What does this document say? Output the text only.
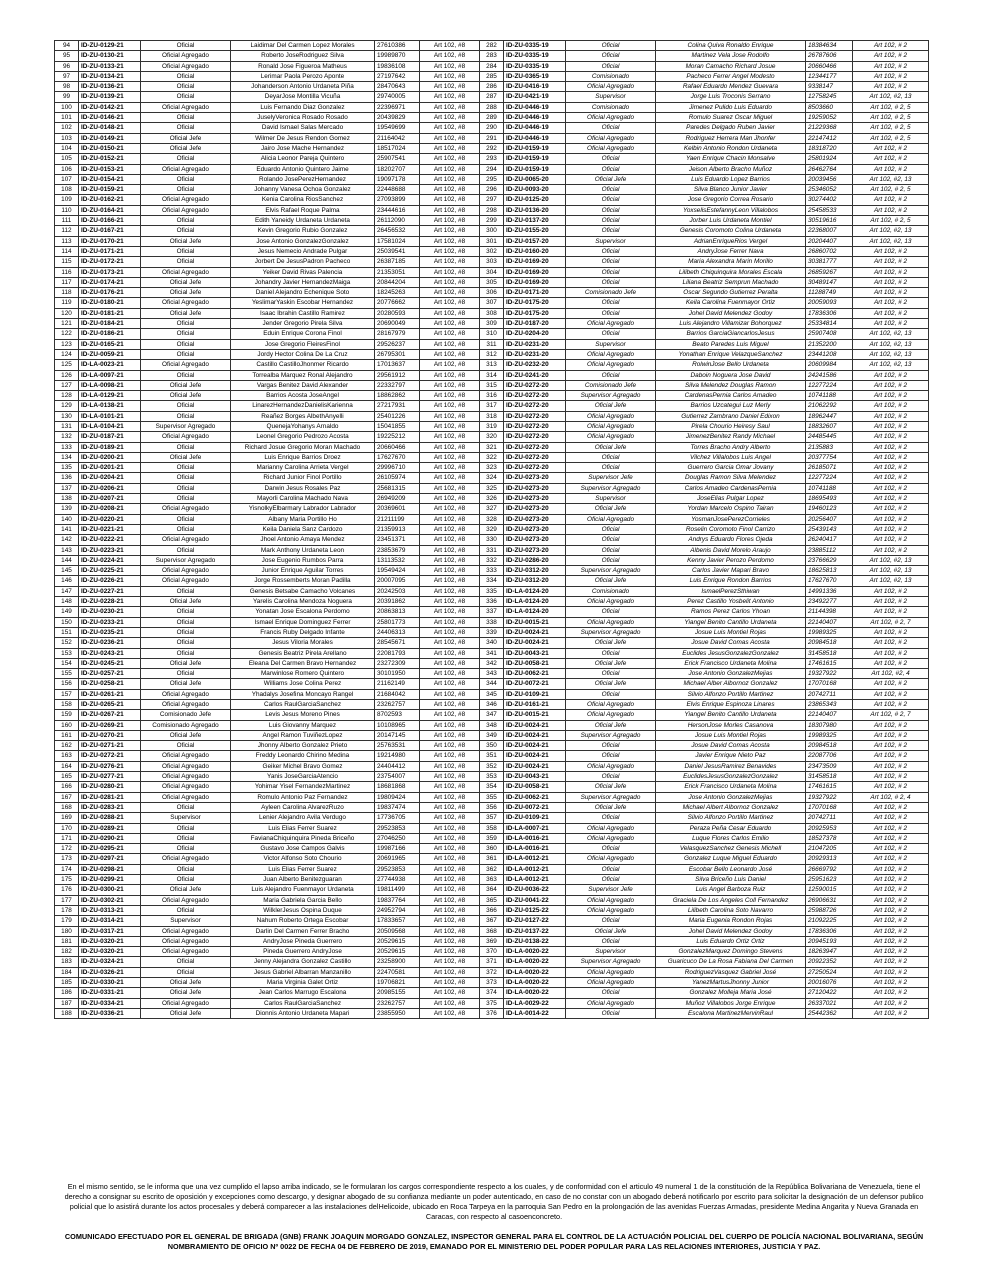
94	ID-ZU-0129-21	Oficial	Laidimar Del Carmen Lopez Morales	27610386	Art 102, #8	282	ID-ZU-0335-19	Oficial	Colina Quiva Ronaldo Enrique	18384634	Art 102, # 2
95	ID-ZU-0130-21	Oficial Agregado	Roberto JoseRodriguez Silva	19989870	Art 102, #8	283	ID-ZU-0335-19	Oficial	Martinez Vela Jose Rodolfo	26787606	Art 102, # 2
96	ID-ZU-0133-21	Oficial Agregado	Ronald Jose Figueroa Matheus	19836108	Art 102, #8	284	ID-ZU-0335-19	Oficial	Moran Camacho Richard Josue	20660466	Art 102, # 2
97	ID-ZU-0134-21	Oficial	Lerimar Paola Perozo Aponte	27197642	Art 102, #8	285	ID-ZU-0365-19	Comisionado	Pacheco Ferrer Angel Modesto	12344177	Art 102, # 2
98	ID-ZU-0136-21	Oficial	Johanderson Antonio Urdaneta Piña	28470643	Art 102, #8	286	ID-ZU-0416-19	Oficial Agregado	Rafael Eduardo Mendez Guevara	9338147	Art 102, # 2
99	ID-ZU-0139-21	Oficial	DeyarJose Montilla Vicuña	29740005	Art 102, #8	287	ID-ZU-0421-19	Supervisor	Jorge Luis Troconis Serrano	12758245	Art 102, #2, 13
100	ID-ZU-0142-21	Oficial Agregado	Luis Fernando Diaz Gonzalez	22396971	Art 102, #8	288	ID-ZU-0446-19	Comisionado	Jimenez Pulido Luis Eduardo	8503660	Art 102, # 2, 5
101	ID-ZU-0146-21	Oficial	JuselyVeronica Rosado Rosado	20439829	Art 102, #8	289	ID-ZU-0446-19	Oficial Agregado	Romulo Suarez Oscar Miguel	19259052	Art 102, # 2, 5
102	ID-ZU-0148-21	Oficial	David Ismael Salas Mercado	19549699	Art 102, #8	290	ID-ZU-0446-19	Oficial	Paredes Delgado Ruben Javier	21229368	Art 102, # 2, 5
103	ID-ZU-0149-21	Oficial Jefe	Wilmer De Jesus Rendon Gomez	21164042	Art 102, #8	291	ID-ZU-0446-19	Oficial Agregado	Rodriguez Herrera Man Jhonfer	22147412	Art 102, # 2, 5
104	ID-ZU-0150-21	Oficial Jefe	Jairo Jose Mache Hernandez	18517024	Art 102, #8	292	ID-ZU-0159-19	Oficial Agregado	Kelbin Antonio Rondon Urdaneta	18318720	Art 102, # 2
105	ID-ZU-0152-21	Oficial	Alicia Leonor Pareja Quintero	25907541	Art 102, #8	293	ID-ZU-0159-19	Oficial	Yaen Enrique Chacin Monsalve	25801924	Art 102, # 2
106	ID-ZU-0153-21	Oficial Agregado	Eduardo Antonio Quintero Jaime	18202707	Art 102, #8	294	ID-ZU-0159-19	Oficial	Jeison Alberto Bracho Muñoz	26462764	Art 102, # 2
107	ID-ZU-0154-21	Oficial	Rolando JosePerezHernandez	19097178	Art 102, #8	295	ID-ZU-0065-20	Oficial Jefe	Luis Eduardo Lopez Barrios	20039456	Art 102, #2, 13
108	ID-ZU-0159-21	Oficial	Johanny Vanesa Ochoa Gonzalez	22448688	Art 102, #8	296	ID-ZU-0093-20	Oficial	Silva Blanco Junior Javier	25346052	Art 102, # 2, 5
109	ID-ZU-0162-21	Oficial Agregado	Kenia Carolina RiosSanchez	27093899	Art 102, #8	297	ID-ZU-0125-20	Oficial	Jose Gregorio Correa Rosario	30274402	Art 102, # 2
110	ID-ZU-0164-21	Oficial Agregado	Elvis Rafael Roque Palma	23444616	Art 102, #8	298	ID-ZU-0136-20	Oficial	YoxselisEstefannyLeon Villalobos	25458533	Art 102, # 2
111	ID-ZU-0166-21	Oficial	Edith Yaneidy Urdaneta Urdaneta	26112090	Art 102, #8	299	ID-ZU-0137-20	Oficial	Jorber Luis Urdaneta Montiel	30519616	Art 102, # 2, 5
112	ID-ZU-0167-21	Oficial	Kevin Gregorio Rubio Gonzalez	26456532	Art 102, #8	300	ID-ZU-0155-20	Oficial	Genesis Coromoto Colina Urdaneta	22368007	Art 102, #2, 13
113	ID-ZU-0170-21	Oficial Jefe	Jose Antonio GonzalezGonzalez	17581024	Art 102, #8	301	ID-ZU-0157-20	Supervisor	AdrianEnriqueRios Vergel	20204407	Art 102, #2, 13
114	ID-ZU-0171-21	Oficial	Jesus Nemecio Andrade Pulgar	25039541	Art 102, #8	302	ID-ZU-0160-20	Oficial	AndryJose Ferrer Nava	26860702	Art 102, # 2
115	ID-ZU-0172-21	Oficial	Jorbert De JesusPadron Pacheco	26387185	Art 102, #8	303	ID-ZU-0169-20	Oficial	Maria Alexandra Marin Morillo	30381777	Art 102, # 2
116	ID-ZU-0173-21	Oficial Agregado	Yeiker David Rivas Palencia	21353051	Art 102, #8	304	ID-ZU-0169-20	Oficial	Lilibeth Chiquinquira Morales Escala	26859267	Art 102, # 2
117	ID-ZU-0174-21	Oficial Jefe	Johandry Javier HernandezMaiga	20844204	Art 102, #8	305	ID-ZU-0169-20	Oficial	Liliana Beatriz Semprun Machado	30489147	Art 102, # 2
118	ID-ZU-0176-21	Oficial Jefe	Daniel Alejandro Echenique Soto	18245263	Art 102, #8	306	ID-ZU-0171-20	Comisionado Jefe	Oscar Segundo Gutierrez Peralta	11288749	Art 102, # 2
119	ID-ZU-0180-21	Oficial Agregado	YeslimarYaskin Escobar Hernandez	20776662	Art 102, #8	307	ID-ZU-0175-20	Oficial	Keila Carolina Fuenmayor Ortiz	20059093	Art 102, # 2
120	ID-ZU-0181-21	Oficial Jefe	Isaac Ibrahin Castillo Ramirez	20280593	Art 102, #8	308	ID-ZU-0175-20	Oficial	Johel David Melendez Godoy	17836306	Art 102, # 2
121	ID-ZU-0184-21	Oficial	Jender Gregorio Pirela Silva	20690049	Art 102, #8	309	ID-ZU-0187-20	Oficial Agregado	Luis Alejandro Villamizar Bohorquez	25334814	Art 102, # 2
122	ID-ZU-0186-21	Oficial	Eduin Enrique Corona Finol	28167979	Art 102, #8	310	ID-ZU-0204-20	Oficial	Barrios GarciaGiancarlosJesus	25907408	Art 102, #2, 13
123	ID-ZU-0165-21	Oficial	Jose Gregorio FleiresFinol	29526237	Art 102, #8	311	ID-ZU-0231-20	Supervisor	Beato Paredes Luis Miguel	21352200	Art 102, #2, 13
124	ID-ZU-0059-21	Oficial	Jordy Hector Colina De La Cruz	26795301	Art 102, #8	312	ID-ZU-0231-20	Oficial Agregado	Yonathan Enrique VelazqueSanchez	23441208	Art 102, #2, 13
125	ID-LA-0023-21	Oficial Agregado	Castillo CastilloJhonmer Ricardo	17013637	Art 102, #8	313	ID-ZU-0232-20	Oficial Agregado	RolwinJose Bello Urdaneta	20609984	Art 102, #2, 13
126	ID-LA-0097-21	Oficial	Torrealba Marquez Ronal Alejandro	29561912	Art 102, #8	314	ID-ZU-0241-20	Oficial	Daboin Noguera Jose David	24241586	Art 102, # 2
127	ID-LA-0098-21	Oficial Jefe	Vargas Benitez David Alexander	22332797	Art 102, #8	315	ID-ZU-0272-20	Comisionado Jefe	Silva Melendez Douglas Ramon	12277224	Art 102, # 2
128	ID-LA-0129-21	Oficial Jefe	Barrios Acosta JoseAngel	18862862	Art 102, #8	316	ID-ZU-0272-20	Supervisor Agregado	CardenasPernia Carlos Amadeo	10741188	Art 102, # 2
129	ID-LA-0138-21	Oficial	LinarezHernandezDanielisKarienna	27217931	Art 102, #8	317	ID-ZU-0272-20	Oficial Jefe	Barrios Uzcategui Luz Merly	21062292	Art 102, # 2
130	ID-LA-0101-21	Oficial	Reañez Borges AlbethAnyelli	25401226	Art 102, #8	318	ID-ZU-0272-20	Oficial Agregado	Gutierrez Zambrano Daniel Edixon	18962447	Art 102, # 2
131	ID-LA-0104-21	Supervisor Agregado	QuenejaYohanys Arnaldo	15041855	Art 102, #8	319	ID-ZU-0272-20	Oficial Agregado	Pirela Chourio Heiresy Saul	18832607	Art 102, # 2
132	ID-ZU-0187-21	Oficial Agregado	Leonel Gregorio Pedrozo Acosta	19225212	Art 102, #8	320	ID-ZU-0272-20	Oficial Agregado	JimenezBenitez Randy Michael	24485445	Art 102, # 2
133	ID-ZU-0189-21	Oficial	Richard Josue Gregorio Moran Machado	20660466	Art 102, #8	321	ID-ZU-0272-20	Oficial Jefe	Torres Bracho Andry Alberto	2135883	Art 102, # 2
134	ID-ZU-0200-21	Oficial Jefe	Luis Enrique Barrios Droez	17627670	Art 102, #8	322	ID-ZU-0272-20	Oficial	Vilchez Villalobos Luis Angel	20377754	Art 102, # 2
135	ID-ZU-0201-21	Oficial	Marianny Carolina Arrieta Vergel	29996710	Art 102, #8	323	ID-ZU-0272-20	Oficial	Guerrero Garcia Omar Jovany	26185071	Art 102, # 2
136	ID-ZU-0204-21	Oficial	Richard Junior Finol Portillo	26105974	Art 102, #8	324	ID-ZU-0273-20	Supervisor Jefe	Douglas Ramon Silva Melendez	12277224	Art 102, # 2
137	ID-ZU-0206-21	Oficial	Darwin Jesus Rosales Paz	25681315	Art 102, #8	325	ID-ZU-0273-20	Supervisor Agregado	Carlos Amadeo CardenasPernia	10741188	Art 102, # 2
138	ID-ZU-0207-21	Oficial	Mayorli Carolina Machado Nava	26949209	Art 102, #8	326	ID-ZU-0273-20	Supervisor	JoseElias Pulgar Lopez	18695493	Art 102, # 2
139	ID-ZU-0208-21	Oficial Agregado	YisnolkyElbarmary Labrador Labrador	20369601	Art 102, #8	327	ID-ZU-0273-20	Oficial Jefe	Yordan Marcelo Ospino Tairan	19460123	Art 102, # 2
140	ID-ZU-0220-21	Oficial	Albany Maria Portillo Ho	21211199	Art 102, #8	328	ID-ZU-0273-20	Oficial Agregado	YosmanJosePerezCorrieles	20256407	Art 102, # 2
141	ID-ZU-0221-21	Oficial	Keila Daniela Sanz Cardozo	21359913	Art 102, #8	329	ID-ZU-0273-20	Oficial	Roselin Coromoto Finol Carrizo	25439143	Art 102, # 2
142	ID-ZU-0222-21	Oficial Agregado	Jhoel Antonio Amaya Mendez	23451371	Art 102, #8	330	ID-ZU-0273-20	Oficial	Andrys Eduardo Flores Ojeda	26240417	Art 102, # 2
143	ID-ZU-0223-21	Oficial	Mark Anthony Urdaneta Leon	23853679	Art 102, #8	331	ID-ZU-0273-20	Oficial	Albenis David Morelo Araujo	23885112	Art 102, # 2
144	ID-ZU-0224-21	Supervisor Agregado	Jose Eugenio Rumbos Parra	13113532	Art 102, #8	332	ID-ZU-0286-20	Oficial	Kenny Javier Perozo Perdomo	23766629	Art 102, #2, 13
145	ID-ZU-0225-21	Oficial Agregado	Junior Enrique Aguilar Torres	19549424	Art 102, #8	333	ID-ZU-0312-20	Supervisor Agregado	Carlos Javier Mapari Bravo	18625813	Art 102, #2, 13
146	ID-ZU-0226-21	Oficial Agregado	Jorge Rossemberts Moran Padilla	20007095	Art 102, #8	334	ID-ZU-0312-20	Oficial Jefe	Luis Enrique Rondon Barrios	17627670	Art 102, #2, 13
147	ID-ZU-0227-21	Oficial	Genesis Betsabe Camacho Volcanes	20242503	Art 102, #8	335	ID-LA-0124-20	Comisionado	IsmaelPerezSthiwan	14991336	Art 102, # 2
148	ID-ZU-0228-21	Oficial Jefe	Yarelis Carolina Mendoza Noguera	20391862	Art 102, #8	336	ID-LA-0124-20	Oficial Agregado	Perez Castillo Yosbelit Antonio	23492277	Art 102, # 2
149	ID-ZU-0230-21	Oficial	Yonatan Jose Escalona Perdomo	20863813	Art 102, #8	337	ID-LA-0124-20	Oficial	Ramos Perez Carlos Yhoan	21144398	Art 102, # 2
150	ID-ZU-0233-21	Oficial	Ismael Enrique Dominguez Ferrer	25801773	Art 102, #8	338	ID-ZU-0015-21	Oficial Agregado	Yiangel Benito Cantillo Urdaneta	22140407	Art 102, # 2, 7
151	ID-ZU-0235-21	Oficial	Francis Ruby Delgado Infante	24406313	Art 102, #8	339	ID-ZU-0024-21	Supervisor Agregado	Josue Luis Montiel Rojas	19989325	Art 102, # 2
152	ID-ZU-0236-21	Oficial	Jesus Viloria Morales	28545671	Art 102, #8	340	ID-ZU-0024-21	Oficial Jefe	Josue David Comas Acosta	20984518	Art 102, # 2
153	ID-ZU-0243-21	Oficial	Genesis Beatriz Pirela Arellano	22081793	Art 102, #8	341	ID-ZU-0043-21	Oficial	Euclides JesusGonzalezGonzalez	31458518	Art 102, # 2
154	ID-ZU-0245-21	Oficial Jefe	Eleana Del Carmen Bravo Hernandez	23272309	Art 102, #8	342	ID-ZU-0058-21	Oficial Jefe	Erick Francisco Urdaneta Molina	17461615	Art 102, # 2
155	ID-ZU-0257-21	Oficial	Marwinlose Romero Quintero	30101950	Art 102, #8	343	ID-ZU-0062-21	Oficial	Jose Antonio GonzalezMejias	19327922	Art 102, #2, 4
156	ID-ZU-0258-21	Oficial Jefe	Williams Jose Colina Perez	21162149	Art 102, #8	344	ID-ZU-0072-21	Oficial Jefe	Michael Alber Albornoz Gonzalez	17070168	Art 102, # 2
157	ID-ZU-0261-21	Oficial Agregado	Yhadalys Josefina Moncayo Rangel	21684042	Art 102, #8	345	ID-ZU-0109-21	Oficial	Silvio Alfonzo Portillo Martinez	20742711	Art 102, # 2
158	ID-ZU-0265-21	Oficial Agregado	Carlos RaulGarciaSanchez	23262757	Art 102, #8	346	ID-ZU-0161-21	Oficial Agregado	Elvis Enrique Espinoza Linares	23865343	Art 102, # 2
159	ID-ZU-0267-21	Comisionado Jefe	Levis Jesus Moreno Pines	8702593	Art 102, #8	347	ID-ZU-0015-21	Oficial Agregado	Yiangel Benito Cantillo Urdaneta	22140407	Art 102, # 2, 7
160	ID-ZU-0269-21	Comisionado Agregado	Luis Giovanny Marquez	10108965	Art 102, #8	348	ID-ZU-0024-21	Oficial Jefe	HersonJose Morles Casanova	18307980	Art 102, # 2
161	ID-ZU-0270-21	Oficial Jefe	Angel Ramon TuviñezLopez	20147145	Art 102, #8	349	ID-ZU-0024-21	Supervisor Agregado	Josue Luis Montiel Rojas	19989325	Art 102, # 2
162	ID-ZU-0271-21	Oficial	Jhonny Alberto Gonzalez Prieto	25763531	Art 102, #8	350	ID-ZU-0024-21	Oficial	Josue David Comas Acosta	20984518	Art 102, # 2
163	ID-ZU-0272-21	Oficial Agregado	Freddy Leonardo Chirino Medina	19214980	Art 102, #8	351	ID-ZU-0024-21	Oficial	Javier Enrique Nieto Paz	22087706	Art 102, # 2
164	ID-ZU-0276-21	Oficial Agregado	Geiker Michel Bravo Gomez	24404412	Art 102, #8	352	ID-ZU-0024-21	Oficial Agregado	Daniel JesusRamirez Benavides	23473509	Art 102, # 2
165	ID-ZU-0277-21	Oficial Agregado	Yanis JoseGarciaAtencio	23754007	Art 102, #8	353	ID-ZU-0043-21	Oficial	EuclidesJesusGonzalezGonzalez	31458518	Art 102, # 2
166	ID-ZU-0280-21	Oficial Agregado	Yohimar Yisel FernandezMartinez	18681868	Art 102, #8	354	ID-ZU-0058-21	Oficial Jefe	Erick Francisco Urdaneta Molina	17461615	Art 102, # 2
167	ID-ZU-0281-21	Oficial Agregado	Romulo Antonio Paz Fernandez	19809424	Art 102, #8	355	ID-ZU-0062-21	Supervisor Agregado	Jose Antonio GonzalezMejias	19327922	Art 102, # 2, 4
168	ID-ZU-0283-21	Oficial	Ayleen Carolina AlvarezRuzo	19837474	Art 102, #8	356	ID-ZU-0072-21	Oficial Jefe	Michael Albert Albornoz Gonzalez	17070168	Art 102, # 2
169	ID-ZU-0288-21	Supervisor	Lenier Alejandro Avila Verdugo	17736705	Art 102, #8	357	ID-ZU-0109-21	Oficial	Silvio Alfonzo Portillo Martinez	20742711	Art 102, # 2
170	ID-ZU-0289-21	Oficial	Luis Elias Ferrer Suarez	29523853	Art 102, #8	358	ID-LA-0007-21	Oficial Agregado	Peraza Peña Cesar Eduardo	20925953	Art 102, # 2
171	ID-ZU-0290-21	Oficial	FavianaChiquinquira Pineda Briceño	27046250	Art 102, #8	359	ID-LA-0016-21	Oficial Agregado	Luque Flores Carlos Emilio	18527378	Art 102, # 2
172	ID-ZU-0295-21	Oficial	Gustavo Jose Campos Galvis	19987166	Art 102, #8	360	ID-LA-0016-21	Oficial	VelasquezSanchez Genesis Michell	21047205	Art 102, # 2
173	ID-ZU-0297-21	Oficial Agregado	Victor Alfonso Soto Chourio	20691965	Art 102, #8	361	ID-LA-0012-21	Oficial Agregado	Gonzalez Luque Miguel Eduardo	20929313	Art 102, # 2
174	ID-ZU-0298-21	Oficial	Luis Elias Ferrer Suarez	29523853	Art 102, #8	362	ID-LA-0012-21	Oficial	Escobar Bello Leonardo José	26669792	Art 102, # 2
175	ID-ZU-0299-21	Oficial	Juan Alberto Benitezguaran	27744938	Art 102, #8	363	ID-LA-0012-21	Oficial	Silva Briceño Luis Daniel	25951623	Art 102, # 2
176	ID-ZU-0300-21	Oficial Jefe	Luis Alejandro Fuenmayor Urdaneta	19811499	Art 102, #8	364	ID-ZU-0036-22	Supervisor Jefe	Luis Angel Barboza Ruiz	12590015	Art 102, # 2
177	ID-ZU-0302-21	Oficial Agregado	Maria Gabriela Garcia Bello	19837764	Art 102, #8	365	ID-ZU-0041-22	Oficial Agregado	Graciela De Los Angeles Coll Fernandez	26906631	Art 102, # 2
178	ID-ZU-0313-21	Oficial	WilklerJesus Ospina Duque	24952794	Art 102, #8	366	ID-ZU-0125-22	Oficial Agregado	Lilibeth Carolina Soto Navarro	25988726	Art 102, # 2
179	ID-ZU-0314-21	Supervisor	Nahum Roberto Ortega Escobar	17833657	Art 102, #8	367	ID-ZU-0127-22	Oficial	Maria Eugenia Rondon Rojas	21092225	Art 102, # 2
180	ID-ZU-0317-21	Oficial Agregado	Darlin Del Carmen Ferrer Bracho	20509568	Art 102, #8	368	ID-ZU-0137-22	Oficial Jefe	Johel David Melendez Godoy	17836306	Art 102, # 2
181	ID-ZU-0320-21	Oficial Agregado	AndryJose Pineda Guerrero	20529615	Art 102, #8	369	ID-ZU-0138-22	Oficial	Luis Eduardo Ortiz Ortiz	20945193	Art 102, # 2
182	ID-ZU-0320-21	Oficial Agregado	Pineda Guerrero AndryJose	20529615	Art 102, #8	370	ID-LA-0020-22	Supervisor	GonzalezMarquez Domingo Stevens	18263947	Art 102, # 2
183	ID-ZU-0324-21	Oficial	Jenny Alejandra Gonzalez Castillo	23258900	Art 102, #8	371	ID-LA-0020-22	Supervisor Agregado	Guaricuco De La Rosa Fabiana Del Carmen	20922352	Art 102, # 2
184	ID-ZU-0326-21	Oficial	Jesus Gabriel Albarran Manzanillo	22470581	Art 102, #8	372	ID-LA-0020-22	Oficial Agregado	RodriguezVasquez Gabriel José	27250524	Art 102, # 2
185	ID-ZU-0330-21	Oficial Jefe	Maria Virginia Galet Ortiz	19706821	Art 102, #8	373	ID-LA-0020-22	Oficial Agregado	YanezMartusJhonny Junior	20016076	Art 102, # 2
186	ID-ZU-0331-21	Oficial Jefe	Jean Carlos Marrugo Escalona	20985155	Art 102, #8	374	ID-LA-0020-22	Oficial	Gonzalez Molleja Maria José	27120422	Art 102, # 2
187	ID-ZU-0334-21	Oficial Agregado	Carlos RaulGarciaSanchez	23262757	Art 102, #8	375	ID-LA-0029-22	Oficial Agregado	Muñoz Villalobos Jorge Enrique	26337021	Art 102, # 2
188	ID-ZU-0336-21	Oficial Jefe	Dionnis Antonio Urdaneta Mapari	23855950	Art 102, #8	376	ID-LA-0014-22	Oficial	Escalona MartinezMervinRaul	25442362	Art 102, # 2
En el mismo sentido, se le informa que una vez cumplido el lapso arriba indicado, se le formularan los cargos correspondiente respecto a los cuales, y de conformidad con el articulo 49 numeral 1 de la constitución de la República Bolivariana de Venezuela, tiene el derecho a consignar su escrito de oposición y excepciones como descargo, y designar abogado de su confianza mediante un poder autenticado, en caso de no constar con un abogado deberá notificarlo por escrito para solicitar la designación de un defensor publico policial que lo asistirá durante los actos procesales y deberá comparecer a las instalaciones delHelicoide, ubicado en Roca Tarpeya en la parroquia San Pedro en la prolongación de las avenidas Fuerzas Armadas, presidente Medina Angarita y Nueva Granada en Caracas, con respecto al casoenconcreto.
COMUNICADO EFECTUADO POR EL GENERAL DE BRIGADA (GNB) FRANK JOAQUIN MORGADO GONZALEZ, INSPECTOR GENERAL PARA EL CONTROL DE LA ACTUACIÓN POLICIAL DEL CUERPO DE POLICÍA NACIONAL BOLIVARIANA, SEGÚN NOMBRAMIENTO DE OFICIO Nº 0022 DE FECHA 04 DE FEBRERO DE 2019, EMANADO POR EL MINISTERIO DEL PODER POPULAR PARA LAS RELACIONES INTERIORES, JUSTICIA Y PAZ.
